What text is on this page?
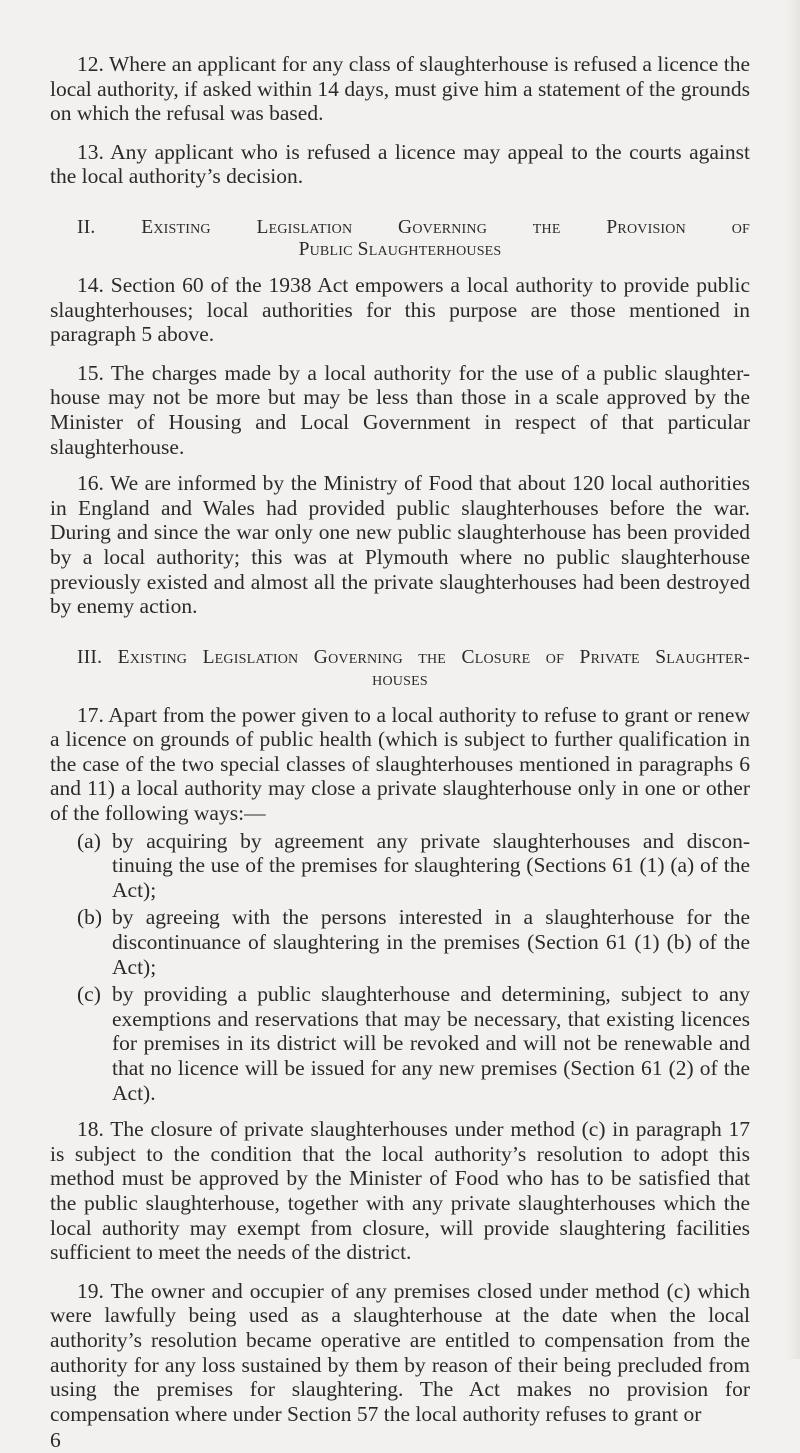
12. Where an applicant for any class of slaughterhouse is refused a licence the local authority, if asked within 14 days, must give him a statement of the grounds on which the refusal was based.

13. Any applicant who is refused a licence may appeal to the courts against the local authority’s decision.

II. Existing Legislation Governing the Provision of
Public Slaughterhouses

14. Section 60 of the 1938 Act empowers a local authority to provide public slaughterhouses; local authorities for this purpose are those mentioned in paragraph 5 above.

15. The charges made by a local authority for the use of a public slaughter-house may not be more but may be less than those in a scale approved by the Minister of Housing and Local Government in respect of that particular slaughterhouse.

16. We are informed by the Ministry of Food that about 120 local authorities in England and Wales had provided public slaughterhouses before the war. During and since the war only one new public slaughterhouse has been provided by a local authority; this was at Plymouth where no public slaughterhouse previously existed and almost all the private slaughterhouses had been destroyed by enemy action.

III. Existing Legislation Governing the Closure of Private Slaughter-
houses

17. Apart from the power given to a local authority to refuse to grant or renew a licence on grounds of public health (which is subject to further qualification in the case of the two special classes of slaughterhouses mentioned in paragraphs 6 and 11) a local authority may close a private slaughterhouse only in one or other of the following ways:—

(a) by acquiring by agreement any private slaughterhouses and discon-tinuing the use of the premises for slaughtering (Sections 61 (1) (a) of the Act);
(b) by agreeing with the persons interested in a slaughterhouse for the discontinuance of slaughtering in the premises (Section 61 (1) (b) of the Act);
(c) by providing a public slaughterhouse and determining, subject to any exemptions and reservations that may be necessary, that existing licences for premises in its district will be revoked and will not be renewable and that no licence will be issued for any new premises (Section 61 (2) of the Act).

18. The closure of private slaughterhouses under method (c) in paragraph 17 is subject to the condition that the local authority’s resolution to adopt this method must be approved by the Minister of Food who has to be satisfied that the public slaughterhouse, together with any private slaughterhouses which the local authority may exempt from closure, will provide slaughtering facilities sufficient to meet the needs of the district.

19. The owner and occupier of any premises closed under method (c) which were lawfully being used as a slaughterhouse at the date when the local authority’s resolution became operative are entitled to compensation from the authority for any loss sustained by them by reason of their being precluded from using the premises for slaughtering. The Act makes no provision for compensation where under Section 57 the local authority refuses to grant or

6
